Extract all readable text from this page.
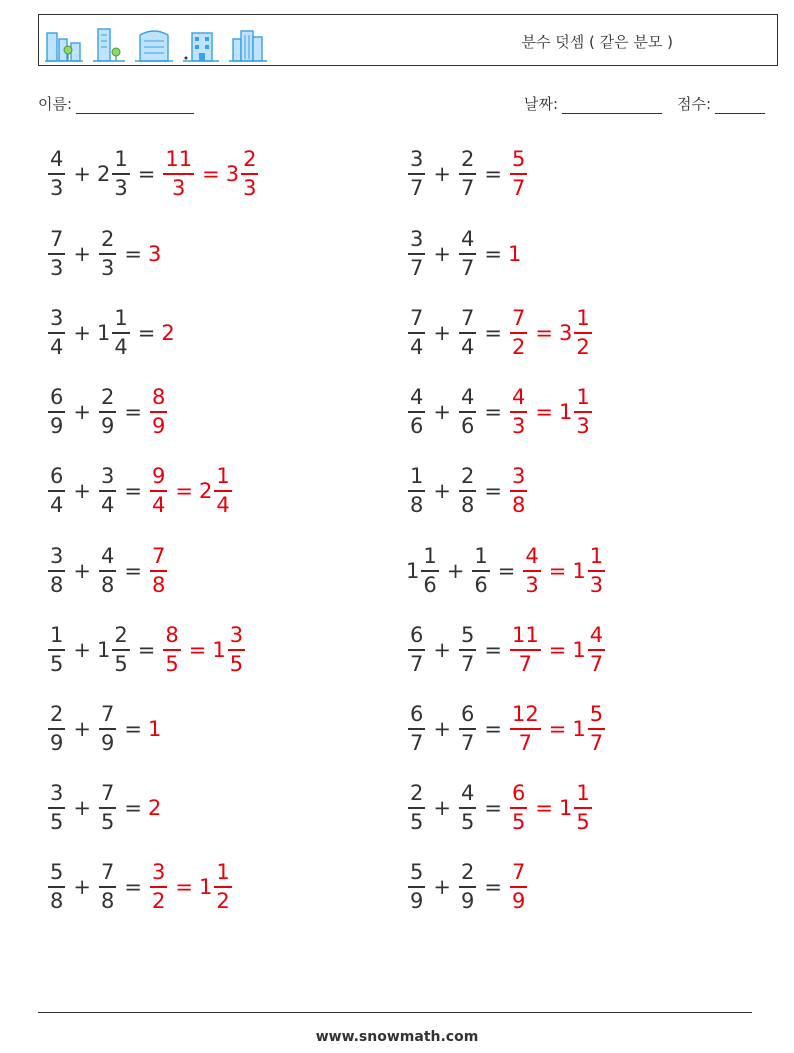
분수 덧셈 ( 같은 분모 )
이름:	날짜:	점수:
$\frac{4}{3} + 2 \frac{1}{3} = \frac{11}{3} = 3 \frac{2}{3}$	$\frac{3}{7} + \frac{2}{7} = \frac{5}{7}$
$\frac{7}{3} + \frac{2}{3} = 3$	$\frac{3}{7} + \frac{4}{7} = 1$
$\frac{3}{4} + 1 \frac{1}{4} = 2$	$\frac{7}{4} + \frac{7}{4} = \frac{7}{2} = 3 \frac{1}{2}$
$\frac{6}{9} + \frac{2}{9} = \frac{8}{9}$	$\frac{4}{6} + \frac{4}{6} = \frac{4}{3} = 1 \frac{1}{3}$
$\frac{6}{4} + \frac{3}{4} = \frac{9}{4} = 2 \frac{1}{4}$	$\frac{1}{8} + \frac{2}{8} = \frac{3}{8}$
$\frac{3}{8} + \frac{4}{8} = \frac{7}{8}$	$1 \frac{1}{6} + \frac{1}{6} = \frac{4}{3} = 1 \frac{1}{3}$
$\frac{1}{5} + 1 \frac{2}{5} = \frac{8}{5} = 1 \frac{3}{5}$	$\frac{6}{7} + \frac{5}{7} = \frac{11}{7} = 1 \frac{4}{7}$
$\frac{2}{9} + \frac{7}{9} = 1$	$\frac{6}{7} + \frac{6}{7} = \frac{12}{7} = 1 \frac{5}{7}$
$\frac{3}{5} + \frac{7}{5} = 2$	$\frac{2}{5} + \frac{4}{5} = \frac{6}{5} = 1 \frac{1}{5}$
$\frac{5}{8} + \frac{7}{8} = \frac{3}{2} = 1 \frac{1}{2}$	$\frac{5}{9} + \frac{2}{9} = \frac{7}{9}$
www.snowmath.com
